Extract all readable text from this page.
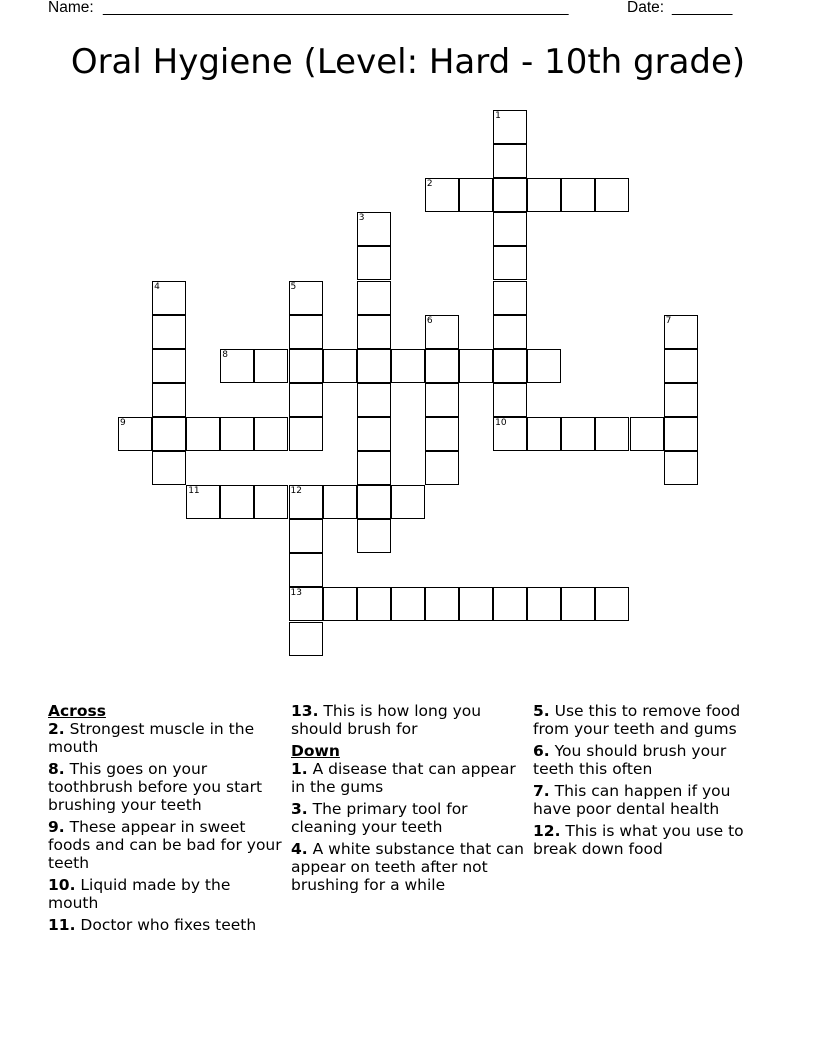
Name: ______________________________________________________	Date: _______
Oral Hygiene (Level: Hard - 10th grade)
1
2
3
4	5
6	7
8
9	10
11	12
13
Across
2. Strongest muscle in the mouth
8. This goes on your toothbrush before you start brushing your teeth
9. These appear in sweet foods and can be bad for your teeth
10. Liquid made by the mouth
11. Doctor who fixes teeth
13. This is how long you should brush for
Down
1. A disease that can appear in the gums
3. The primary tool for cleaning your teeth
4. A white substance that can appear on teeth after not brushing for a while
5. Use this to remove food from your teeth and gums
6. You should brush your teeth this often
7. This can happen if you have poor dental health
12. This is what you use to break down food
